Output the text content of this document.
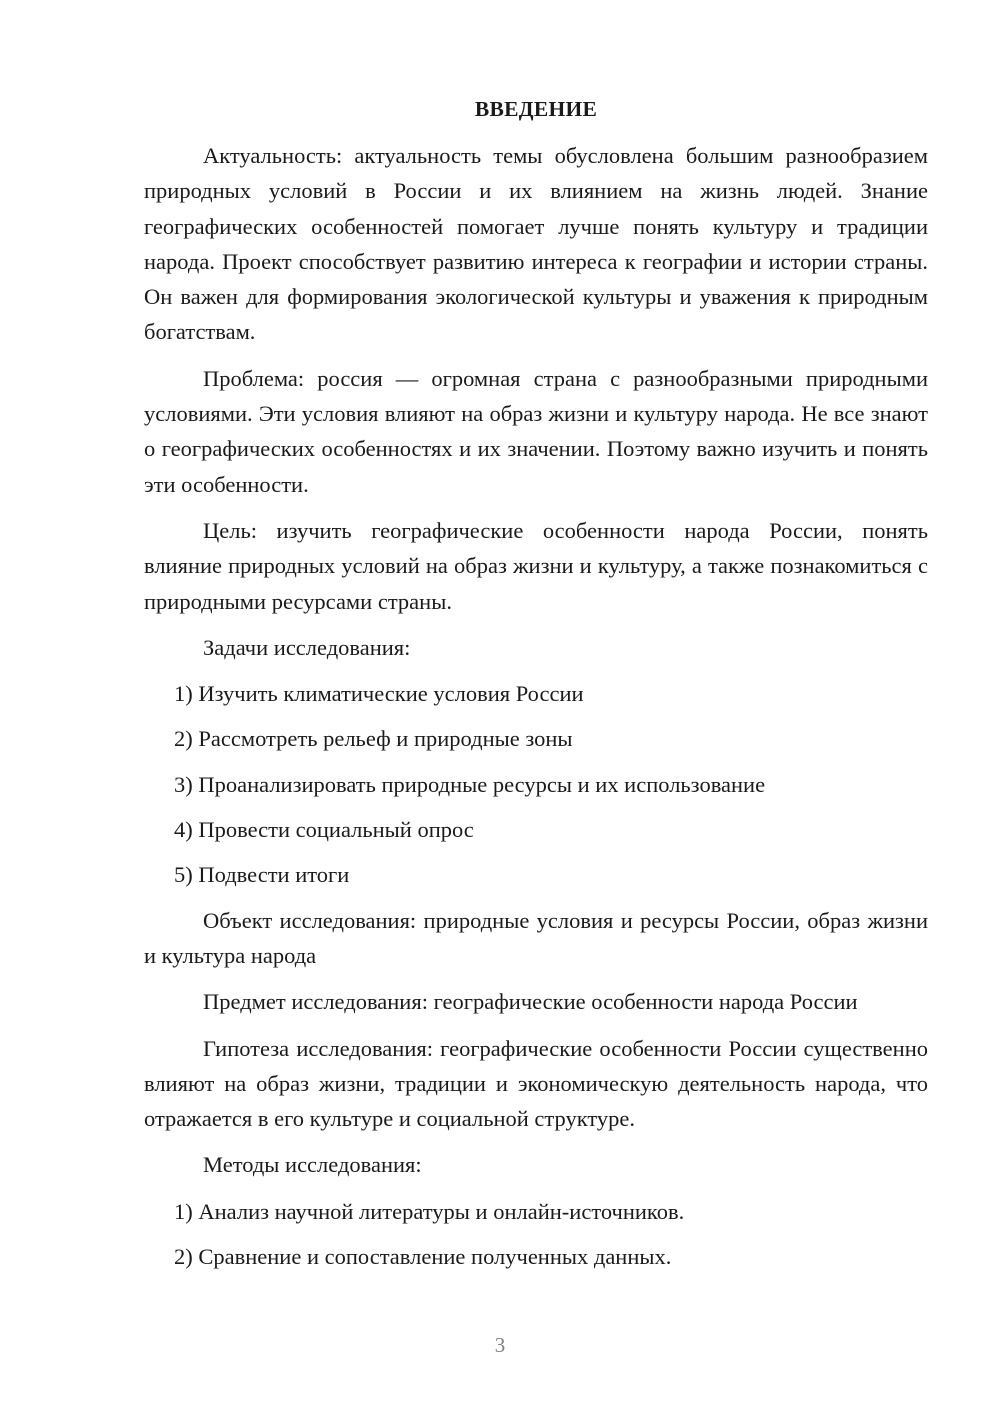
ВВЕДЕНИЕ

Актуальность: актуальность темы обусловлена большим разнообразием природных условий в России и их влиянием на жизнь людей. Знание географических особенностей помогает лучше понять культуру и традиции народа. Проект способствует развитию интереса к географии и истории страны. Он важен для формирования экологической культуры и уважения к природным богатствам.

Проблема: россия — огромная страна с разнообразными природными условиями. Эти условия влияют на образ жизни и культуру народа. Не все знают о географических особенностях и их значении. Поэтому важно изучить и понять эти особенности.

Цель: изучить географические особенности народа России, понять влияние природных условий на образ жизни и культуру, а также познакомиться с природными ресурсами страны.

Задачи исследования:
1) Изучить климатические условия России
2) Рассмотреть рельеф и природные зоны
3) Проанализировать природные ресурсы и их использование
4) Провести социальный опрос
5) Подвести итоги

Объект исследования: природные условия и ресурсы России, образ жизни и культура народа

Предмет исследования: географические особенности народа России

Гипотеза исследования: географические особенности России существенно влияют на образ жизни, традиции и экономическую деятельность народа, что отражается в его культуре и социальной структуре.

Методы исследования:
1) Анализ научной литературы и онлайн-источников.
2) Сравнение и сопоставление полученных данных.
3
